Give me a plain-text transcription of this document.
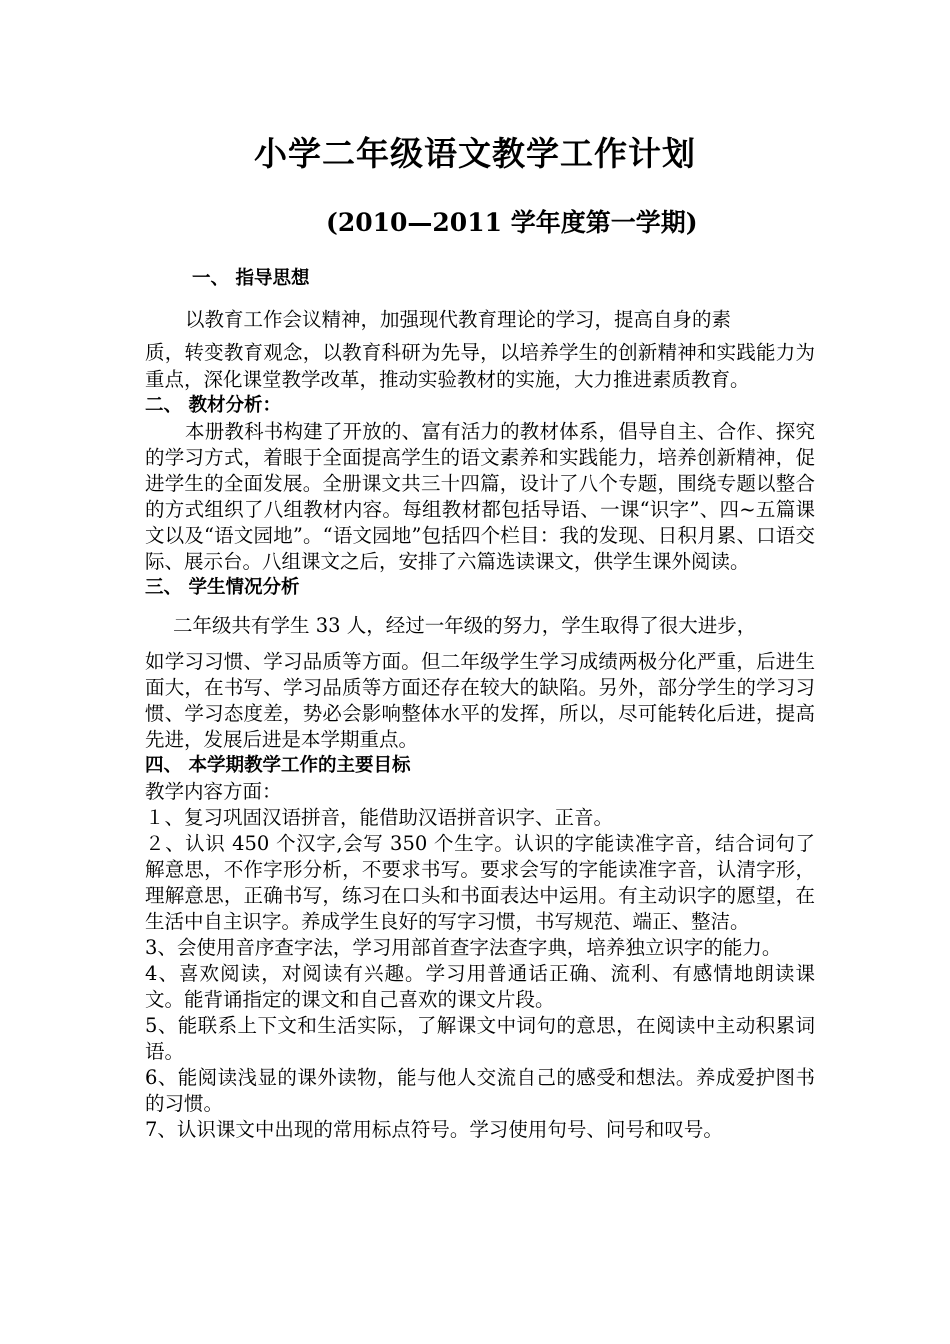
小学二年级语文教学工作计划
(2010—2011 学年度第一学期)
一、 指导思想
以教育工作会议精神，加强现代教育理论的学习，提高自身的素
质，转变教育观念，以教育科研为先导，以培养学生的创新精神和实践能力为重点，深化课堂教学改革，推动实验教材的实施，大力推进素质教育。
二、 教材分析：

本册教科书构建了开放的、富有活力的教材体系，倡导自主、合作、探究的学习方式，着眼于全面提高学生的语文素养和实践能力，培养创新精神，促进学生的全面发展。全册课文共三十四篇，设计了八个专题，围绕专题以整合的方式组织了八组教材内容。每组教材都包括导语、一课“识字”、四~五篇课文以及“语文园地”。“语文园地”包括四个栏目：我的发现、日积月累、口语交际、展示台。八组课文之后，安排了六篇选读课文，供学生课外阅读。

三、 学生情况分析
二年级共有学生 33 人，经过一年级的努力，学生取得了很大进步，
如学习习惯、学习品质等方面。但二年级学生学习成绩两极分化严重，后进生面大，在书写、学习品质等方面还存在较大的缺陷。另外，部分学生的学习习惯、学习态度差，势必会影响整体水平的发挥，所以，尽可能转化后进，提高先进，发展后进是本学期重点。
四、 本学期教学工作的主要目标

教学内容方面：

１、复习巩固汉语拼音，能借助汉语拼音识字、正音。

２、认识 450 个汉字,会写 350 个生字。认识的字能读准字音，结合词句了解意思，不作字形分析，不要求书写。要求会写的字能读准字音，认清字形，理解意思，正确书写，练习在口头和书面表达中运用。有主动识字的愿望，在生活中自主识字。养成学生良好的写字习惯，书写规范、端正、整洁。

3、会使用音序查字法，学习用部首查字法查字典，培养独立识字的能力。

4、喜欢阅读，对阅读有兴趣。学习用普通话正确、流利、有感情地朗读课文。能背诵指定的课文和自己喜欢的课文片段。

5、能联系上下文和生活实际，了解课文中词句的意思，在阅读中主动积累词语。

6、能阅读浅显的课外读物，能与他人交流自己的感受和想法。养成爱护图书的习惯。

7、认识课文中出现的常用标点符号。学习使用句号、问号和叹号。
